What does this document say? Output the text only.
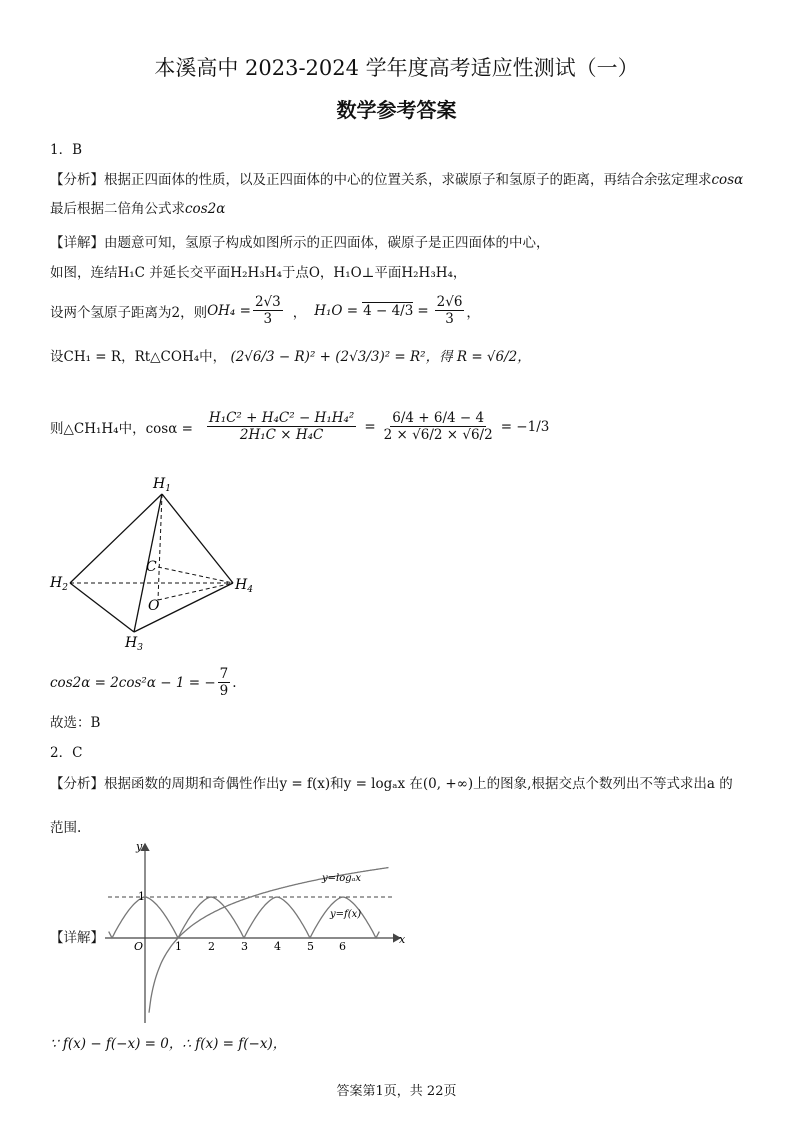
本溪高中 2023-2024 学年度高考适应性测试（一）
数学参考答案
1．B
【分析】根据正四面体的性质，以及正四面体的中心的位置关系，求碳原子和氢原子的距离，再结合余弦定理求cosα
最后根据二倍角公式求cos2α
【详解】由题意可知，氢原子构成如图所示的正四面体，碳原子是正四面体的中心，
如图，连结H₁C 并延长交平面H₂H₃H₄于点O，H₁O⊥平面H₂H₃H₄，
设两个氢原子距离为2，则 $OH_4 = \frac{2√3}{3}$ ， $H_1O = 4 - 4/3 = \frac{2√6}{3}$ ，
设CH₁ = R，Rt△COH₄中， (2√6/3 − R)² + (2√3/3)² = R²，得 R = √6/2，
则△CH₁H₄中，$\cos\alpha = \frac{\text{H₁C² + H₄C² − H₁H₄²}}{\text{2H₁C × H₄C}} = \frac{6/4 + 6/4 - 4}{2 \times √6/2 \times √6/2} = -1/3$
$H_1$
$H_2$
$H_3$
$H_4$
C
O
cos2α = 2cos²α − 1 = − $\frac{7}{9}$ .
故选：B
2．C
【分析】根据函数的周期和奇偶性作出y = f(x)和y = logₐx 在(0, +∞)上的图象,根据交点个数列出不等式求出a 的
范围.
【详解】	x
y
O
1
1 2 3 4 5 6
y=logₐx
y=f(x)
∵ f(x) − f(−x) = 0，∴ f(x) = f(−x)，
答案第1页，共 22页
